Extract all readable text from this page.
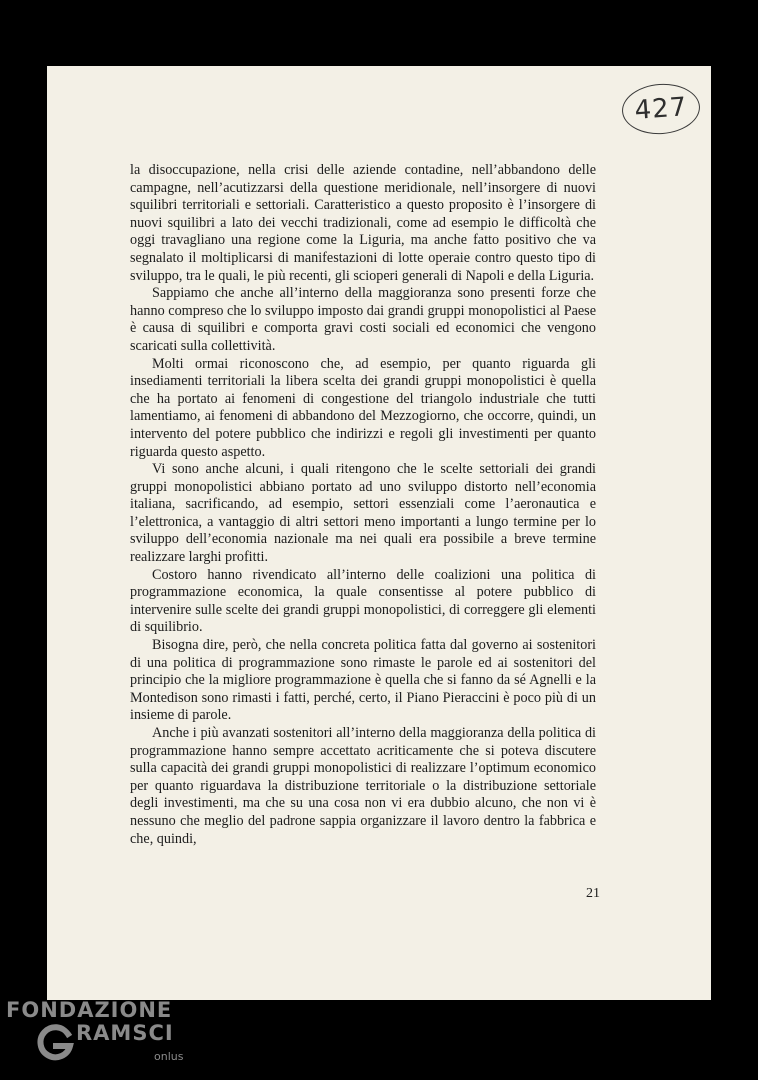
427

la disoccupazione, nella crisi delle aziende contadine, nell’abbandono delle campagne, nell’acutizzarsi della questione meridionale, nell’insorgere di nuovi squilibri territoriali e settoriali. Caratteristico a questo proposito è l’insorgere di nuovi squilibri a lato dei vecchi tradizionali, come ad esempio le difficoltà che oggi travagliano una regione come la Liguria, ma anche fatto positivo che va segnalato il moltiplicarsi di manifestazioni di lotte operaie contro questo tipo di sviluppo, tra le quali, le più recenti, gli scioperi generali di Napoli e della Liguria.

Sappiamo che anche all’interno della maggioranza sono presenti forze che hanno compreso che lo sviluppo imposto dai grandi gruppi monopolistici al Paese è causa di squilibri e comporta gravi costi sociali ed economici che vengono scaricati sulla collettività.

Molti ormai riconoscono che, ad esempio, per quanto riguarda gli insediamenti territoriali la libera scelta dei grandi gruppi monopolistici è quella che ha portato ai fenomeni di congestione del triangolo industriale che tutti lamentiamo, ai fenomeni di abbandono del Mezzogiorno, che occorre, quindi, un intervento del potere pubblico che indirizzi e regoli gli investimenti per quanto riguarda questo aspetto.

Vi sono anche alcuni, i quali ritengono che le scelte settoriali dei grandi gruppi monopolistici abbiano portato ad uno sviluppo distorto nell’economia italiana, sacrificando, ad esempio, settori essenziali come l’aeronautica e l’elettronica, a vantaggio di altri settori meno importanti a lungo termine per lo sviluppo dell’economia nazionale ma nei quali era possibile a breve termine realizzare larghi profitti.

Costoro hanno rivendicato all’interno delle coalizioni una politica di programmazione economica, la quale consentisse al potere pubblico di intervenire sulle scelte dei grandi gruppi monopolistici, di correggere gli elementi di squilibrio.

Bisogna dire, però, che nella concreta politica fatta dal governo ai sostenitori di una politica di programmazione sono rimaste le parole ed ai sostenitori del principio che la migliore programmazione è quella che si fanno da sé Agnelli e la Montedison sono rimasti i fatti, perché, certo, il Piano Pieraccini è poco più di un insieme di parole.

Anche i più avanzati sostenitori all’interno della maggioranza della politica di programmazione hanno sempre accettato acriticamente che si poteva discutere sulla capacità dei grandi gruppi monopolistici di realizzare l’optimum economico per quanto riguardava la distribuzione territoriale o la distribuzione settoriale degli investimenti, ma che su una cosa non vi era dubbio alcuno, che non vi è nessuno che meglio del padrone sappia organizzare il lavoro dentro la fabbrica e che, quindi,

21
FONDAZIONE
RAMSCI
onlus
